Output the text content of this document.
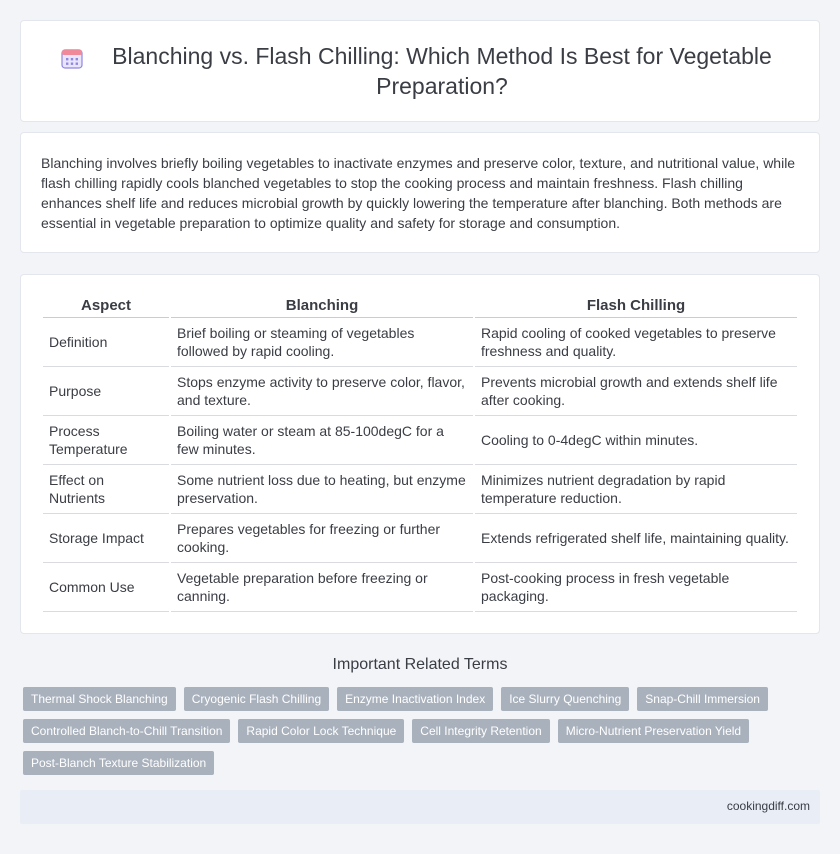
Blanching vs. Flash Chilling: Which Method Is Best for Vegetable Preparation?

Blanching involves briefly boiling vegetables to inactivate enzymes and preserve color, texture, and nutritional value, while flash chilling rapidly cools blanched vegetables to stop the cooking process and maintain freshness. Flash chilling enhances shelf life and reduces microbial growth by quickly lowering the temperature after blanching. Both methods are essential in vegetable preparation to optimize quality and safety for storage and consumption.

Aspect	Blanching	Flash Chilling
Definition	Brief boiling or steaming of vegetables followed by rapid cooling.	Rapid cooling of cooked vegetables to preserve freshness and quality.
Purpose	Stops enzyme activity to preserve color, flavor, and texture.	Prevents microbial growth and extends shelf life after cooking.
Process Temperature	Boiling water or steam at 85-100degC for a few minutes.	Cooling to 0-4degC within minutes.
Effect on Nutrients	Some nutrient loss due to heating, but enzyme preservation.	Minimizes nutrient degradation by rapid temperature reduction.
Storage Impact	Prepares vegetables for freezing or further cooking.	Extends refrigerated shelf life, maintaining quality.
Common Use	Vegetable preparation before freezing or canning.	Post-cooking process in fresh vegetable packaging.
Important Related Terms
Thermal Shock Blanching	Cryogenic Flash Chilling	Enzyme Inactivation Index	Ice Slurry Quenching	Snap-Chill Immersion
Controlled Blanch-to-Chill Transition	Rapid Color Lock Technique	Cell Integrity Retention	Micro-Nutrient Preservation Yield
Post-Blanch Texture Stabilization
cookingdiff.com
